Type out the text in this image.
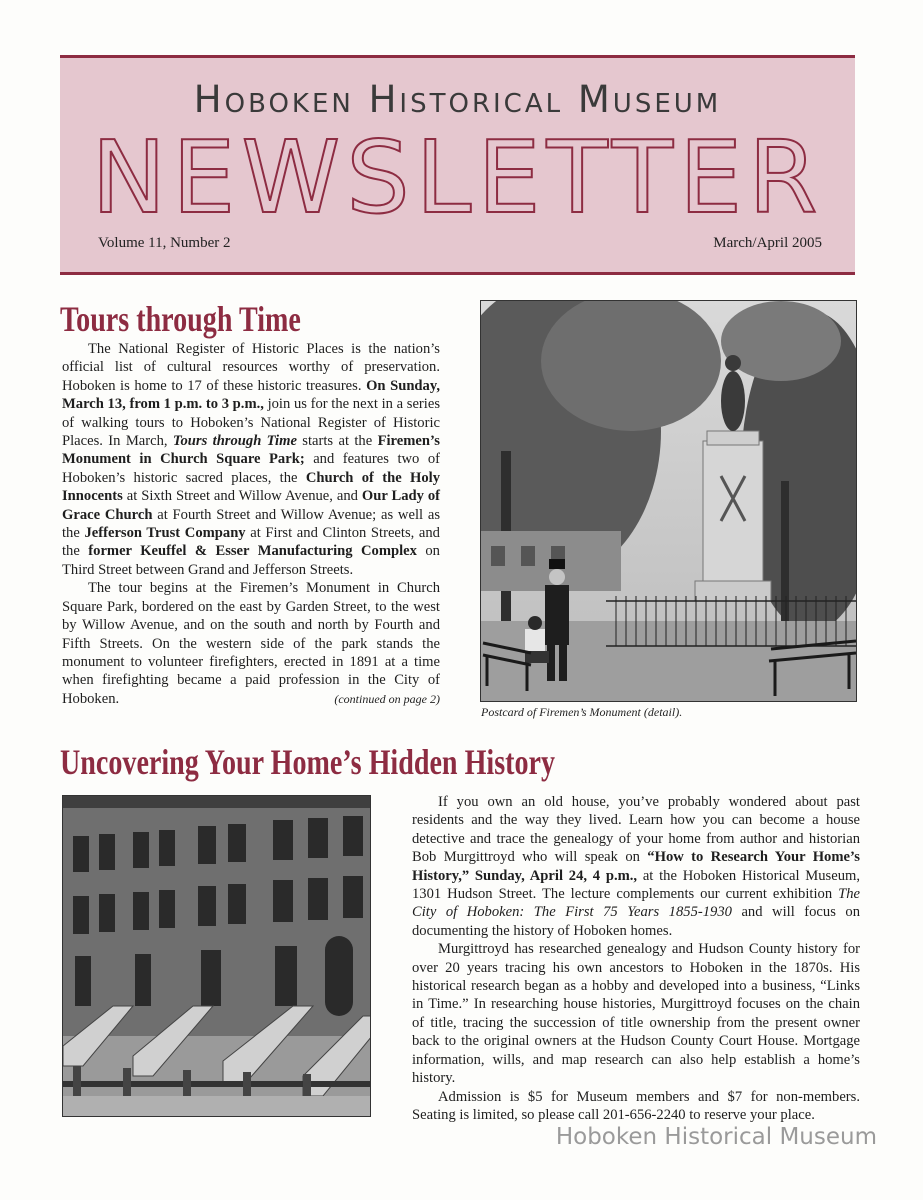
Hoboken Historical Museum
NEWSLETTER
Volume 11, Number 2	March/April 2005
Tours through Time

The National Register of Historic Places is the nation’s official list of cultural resources worthy of preservation. Hoboken is home to 17 of these historic treasures. On Sunday, March 13, from 1 p.m. to 3 p.m., join us for the next in a series of walking tours to Hoboken’s National Register of Historic Places. In March, Tours through Time starts at the Firemen’s Monument in Church Square Park; and features two of Hoboken’s historic sacred places, the Church of the Holy Innocents at Sixth Street and Willow Avenue, and Our Lady of Grace Church at Fourth Street and Willow Avenue; as well as the Jefferson Trust Company at First and Clinton Streets, and the former Keuffel & Esser Manufacturing Complex on Third Street between Grand and Jefferson Streets.

The tour begins at the Firemen’s Monument in Church Square Park, bordered on the east by Garden Street, to the west by Willow Avenue, and on the south and north by Fourth and Fifth Streets. On the western side of the park stands the monument to volunteer firefighters, erected in 1891 at a time when firefighting became a paid profession in the City of Hoboken.	(continued on page 2)

Postcard of Firemen’s Monument (detail).
Uncovering Your Home’s Hidden History

If you own an old house, you’ve probably wondered about past residents and the way they lived. Learn how you can become a house detective and trace the genealogy of your home from author and historian Bob Murgittroyd who will speak on “How to Research Your Home’s History,” Sunday, April 24, 4 p.m., at the Hoboken Historical Museum, 1301 Hudson Street. The lecture complements our current exhibition The City of Hoboken: The First 75 Years 1855-1930 and will focus on documenting the history of Hoboken homes.

Murgittroyd has researched genealogy and Hudson County history for over 20 years tracing his own ancestors to Hoboken in the 1870s. His historical research began as a hobby and developed into a business, “Links in Time.” In researching house histories, Murgittroyd focuses on the chain of title, tracing the succession of title ownership from the present owner back to the original owners at the Hudson County Court House. Mortgage information, wills, and map research can also help establish a home’s history.

Admission is $5 for Museum members and $7 for non-members. Seating is limited, so please call 201-656-2240 to reserve your place.

Hoboken Historical Museum
